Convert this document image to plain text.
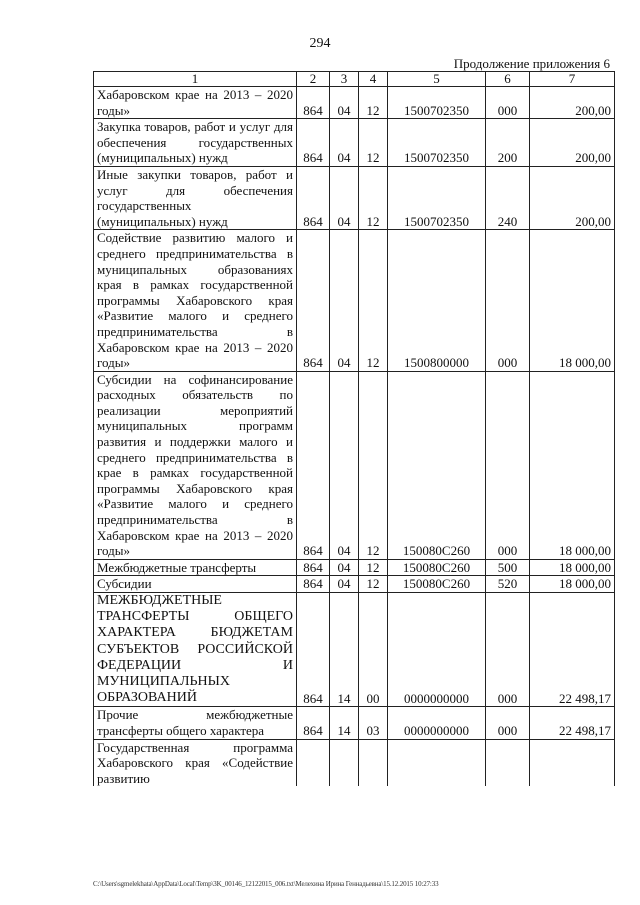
294
Продолжение приложения 6
1	2	3	4	5	6	7
Хабаровском крае на 2013 – 2020 годы»	864	04	12	1500702350	000	200,00
Закупка товаров, работ и услуг для обеспечения государственных (муниципальных) нужд	864	04	12	1500702350	200	200,00
Иные закупки товаров, работ и услуг для обеспечения государственных (муниципальных) нужд	864	04	12	1500702350	240	200,00
Содействие развитию малого и среднего предпринимательства в муниципальных образованиях края в рамках государственной программы Хабаровского края «Развитие малого и среднего предпринимательства в Хабаровском крае на 2013 – 2020 годы»	864	04	12	1500800000	000	18 000,00
Субсидии на софинансирование расходных обязательств по реализации мероприятий муниципальных программ развития и поддержки малого и среднего предпринимательства в крае в рамках государственной программы Хабаровского края «Развитие малого и среднего предпринимательства в Хабаровском крае на 2013 – 2020 годы»	864	04	12	150080C260	000	18 000,00
Межбюджетные трансферты	864	04	12	150080C260	500	18 000,00
Субсидии	864	04	12	150080C260	520	18 000,00
МЕЖБЮДЖЕТНЫЕ ТРАНСФЕРТЫ ОБЩЕГО ХАРАКТЕРА БЮДЖЕТАМ СУБЪЕКТОВ РОССИЙСКОЙ ФЕДЕРАЦИИ И МУНИЦИПАЛЬНЫХ ОБРАЗОВАНИЙ	864	14	00	0000000000	000	22 498,17
Прочие межбюджетные трансферты общего характера	864	14	03	0000000000	000	22 498,17
Государственная программа Хабаровского края «Содействие развитию						
C:\Users\sgmelekhata\AppData\Local\Temp\3K_00146_12122015_006.txt\Мелехина Ирина Геннадьевна\15.12.2015 10:27:33
